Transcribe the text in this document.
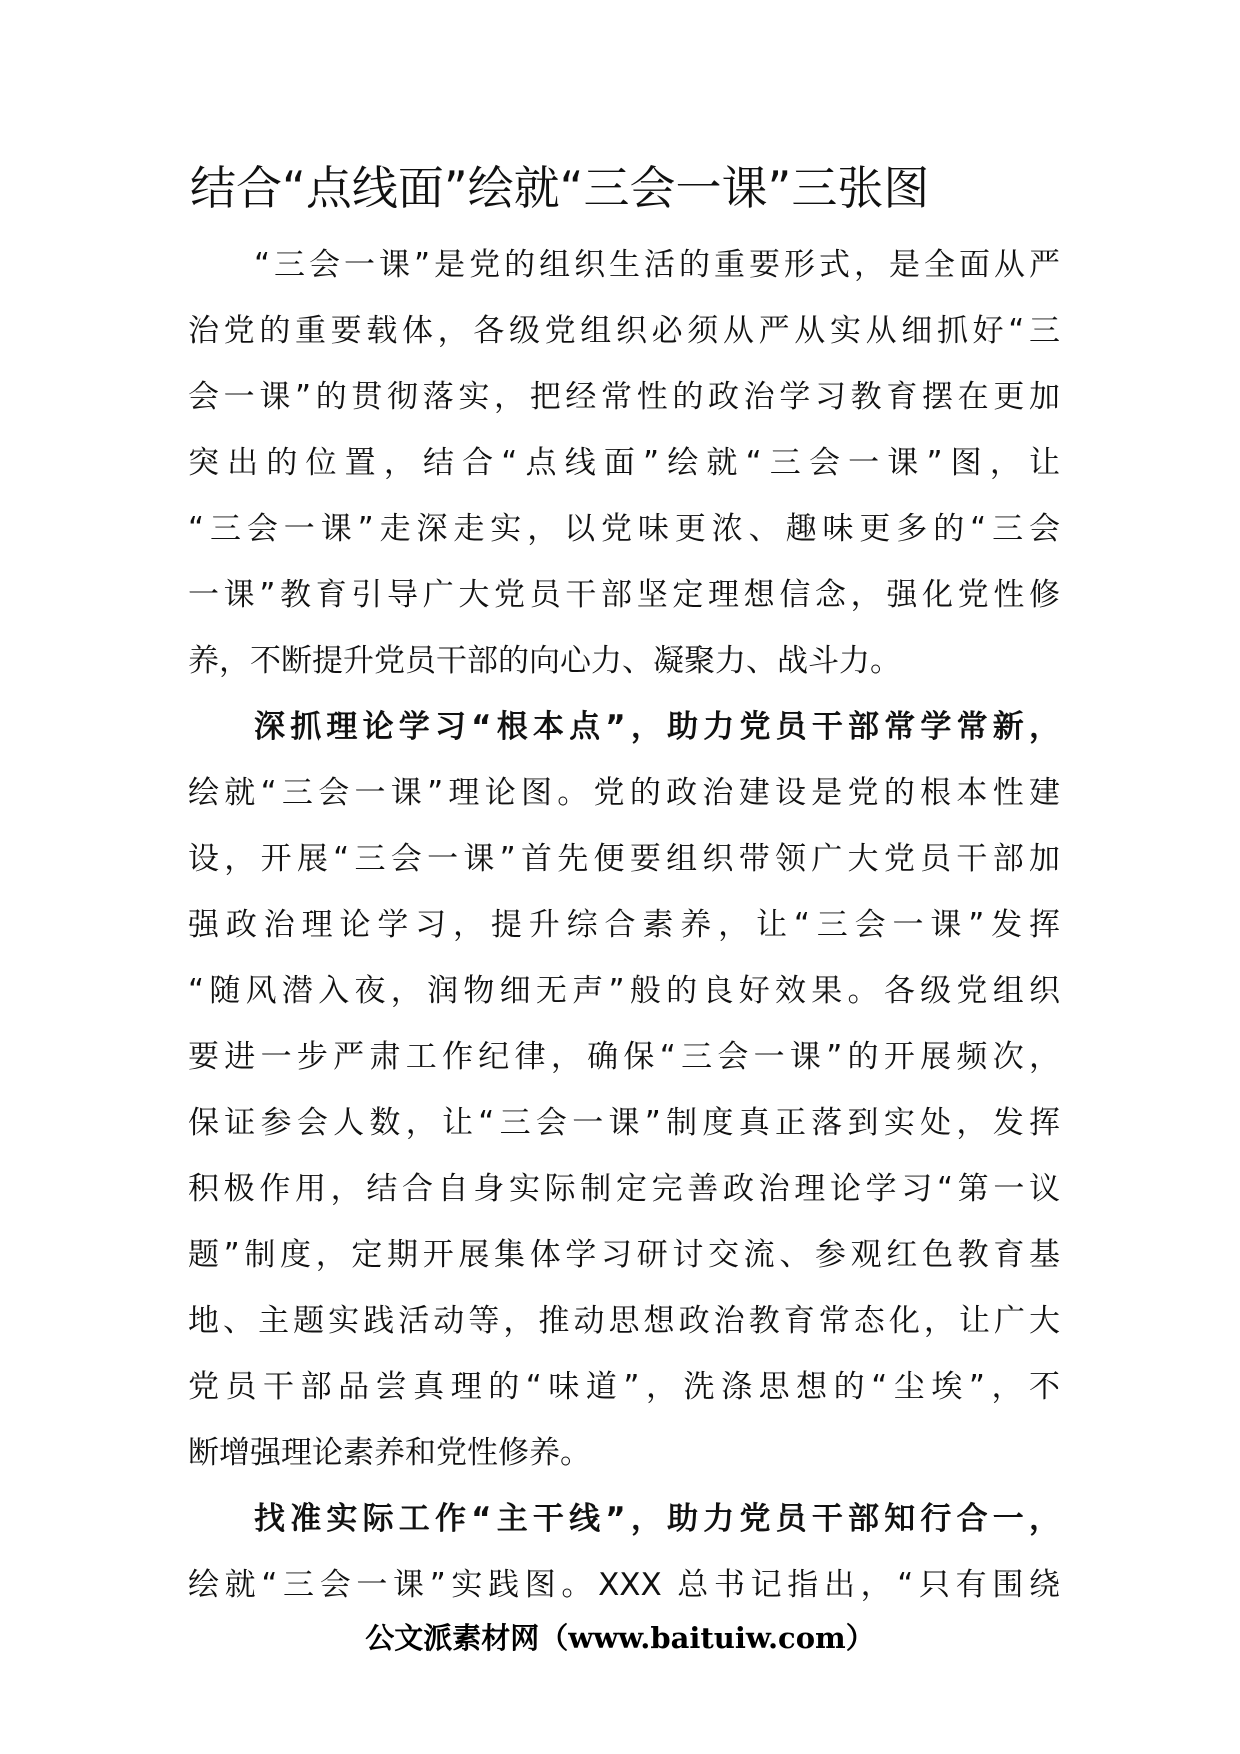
结合“点线面”绘就“三会一课”三张图

“三会一课”是党的组织生活的重要形式，是全面从严
治党的重要载体，各级党组织必须从严从实从细抓好“三
会一课”的贯彻落实，把经常性的政治学习教育摆在更加
突出的位置，结合“点线面”绘就“三会一课”图，让
“三会一课”走深走实，以党味更浓、趣味更多的“三会
一课”教育引导广大党员干部坚定理想信念，强化党性修
养，不断提升党员干部的向心力、凝聚力、战斗力。

深抓理论学习“根本点”，助力党员干部常学常新，
绘就“三会一课”理论图。党的政治建设是党的根本性建
设，开展“三会一课”首先便要组织带领广大党员干部加
强政治理论学习，提升综合素养，让“三会一课”发挥
“随风潜入夜，润物细无声”般的良好效果。各级党组织
要进一步严肃工作纪律，确保“三会一课”的开展频次，
保证参会人数，让“三会一课”制度真正落到实处，发挥
积极作用，结合自身实际制定完善政治理论学习“第一议
题”制度，定期开展集体学习研讨交流、参观红色教育基
地、主题实践活动等，推动思想政治教育常态化，让广大
党员干部品尝真理的“味道”，洗涤思想的“尘埃”，不
断增强理论素养和党性修养。

找准实际工作“主干线”，助力党员干部知行合一，
绘就“三会一课”实践图。XXX 总书记指出，“只有围绕

公文派素材网（www.baituiw.com）
